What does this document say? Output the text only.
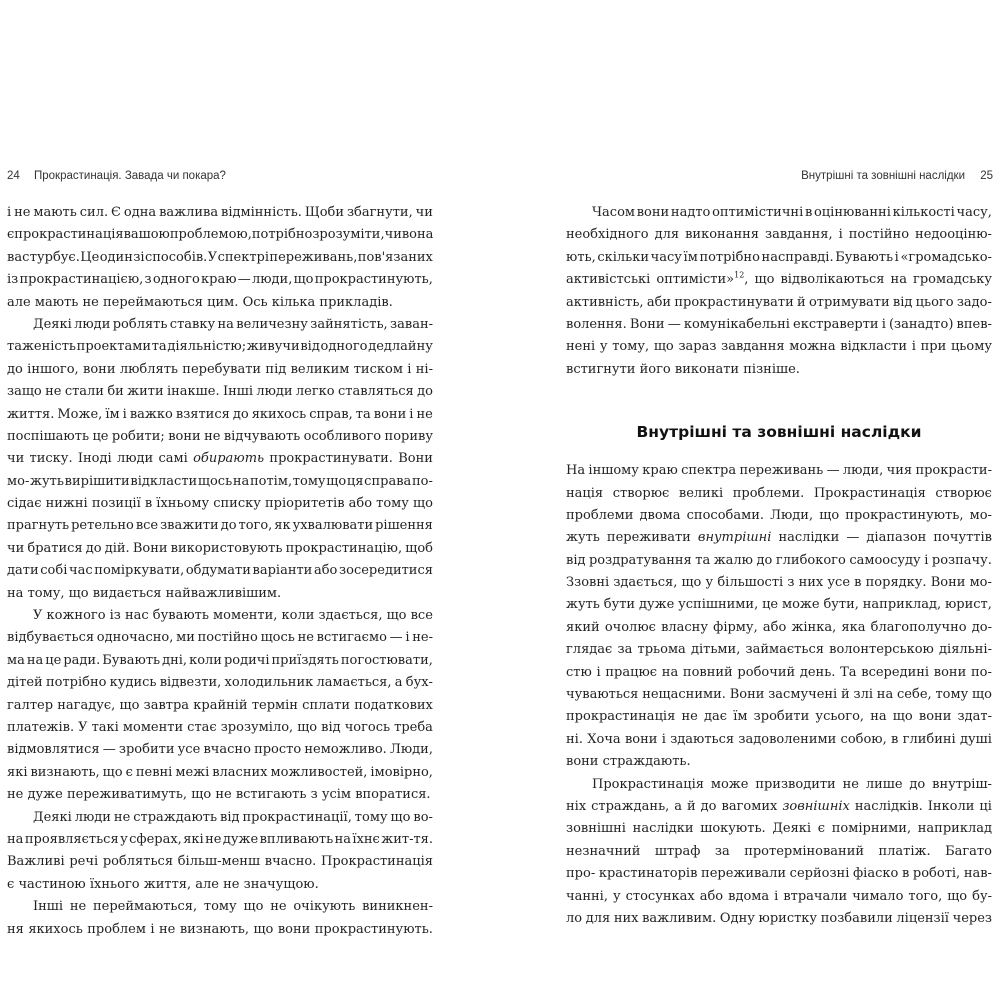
24 Прокрастинація. Завада чи покара?	Внутрішні та зовнішні наслідки 25
і не мають сил. Є одна важлива відмінність. Щоби збагнути, чи
є прокрастинація вашою проблемою, потрібно зрозуміти, чи вона
вас турбує. Це один зі способів. У спектрі переживань, пов'язаних
із прокрастинацією, з одного краю — люди, що прокрастинують,
але мають не переймаються цим. Ось кілька прикладів.
Деякі люди роблять ставку на величезну зайнятість, заван-
таженість проектами та діяльністю; живучи від одного дедлайну
до іншого, вони люблять перебувати під великим тиском і ні-
защо не стали би жити інакше. Інші люди легко ставляться до
життя. Може, їм і важко взятися до якихось справ, та вони і не
поспішають це робити; вони не відчувають особливого пориву
чи тиску. Іноді люди самі обирають прокрастинувати. Вони
мо- жуть вирішити відкласти щось на потім, тому що ця справа по-
сідає нижні позиції в їхньому списку пріоритетів або тому що
прагнуть ретельно все зважити до того, як ухвалювати рішення
чи братися до дій. Вони використовують прокрастинацію, щоб
дати собі час поміркувати, обдумати варіанти або зосередитися
на тому, що видається найважливішим.
У кожного із нас бувають моменти, коли здається, що все
відбувається одночасно, ми постійно щось не встигаємо — і не-
ма на це ради. Бувають дні, коли родичі приїздять погостювати,
дітей потрібно кудись відвезти, холодильник ламається, а бух-
галтер нагадує, що завтра крайній термін сплати податкових
платежів. У такі моменти стає зрозуміло, що від чогось треба
відмовлятися — зробити усе вчасно просто неможливо. Люди,
які визнають, що є певні межі власних можливостей, імовірно,
не дуже переживатимуть, що не встигають з усім впоратися.
Деякі люди не страждають від прокрастинації, тому що во-
на проявляється у сферах, які не дуже впливають на їхнє жит-тя.
Важливі речі робляться більш-менш вчасно. Прокрастинація
є частиною їхнього життя, але не значущою.
Інші не переймаються, тому що не очікують виникнен-
ня якихось проблем і не визнають, що вони прокрастинують.
Часом вони надто оптимістичні в оцінюванні кількості часу,
необхідного для виконання завдання, і постійно недооціню-
ють, скільки часу їм потрібно насправді. Бувають і «громадсько-
активістські оптимісти»$^{12}$, що відволікаються на громадську
активність, аби прокрастинувати й отримувати від цього задо-
волення. Вони — комунікабельні екстраверти і (занадто) впев-
нені у тому, що зараз завдання можна відкласти і при цьому
встигнути його виконати пізніше.
Внутрішні та зовнішні наслідки
На іншому краю спектра переживань — люди, чия прокрасти-
нація створює великі проблеми. Прокрастинація створює
проблеми двома способами. Люди, що прокрастинують, мо-
жуть переживати внутрішні наслідки — діапазон почуттів
від роздратування та жалю до глибокого самоосуду і розпачу.
Ззовні здається, що у більшості з них усе в порядку. Вони мо-
жуть бути дуже успішними, це може бути, наприклад, юрист,
який очолює власну фірму, або жінка, яка благополучно до-
глядає за трьома дітьми, займається волонтерською діяльні-
стю і працює на повний робочий день. Та всередині вони по-
чуваються нещасними. Вони засмучені й злі на себе, тому що
прокрастинація не дає їм зробити усього, на що вони здат-
ні. Хоча вони і здаються задоволеними собою, в глибині душі
вони страждають.
Прокрастинація може призводити не лише до внутріш-
ніх страждань, а й до вагомих зовнішніх наслідків. Інколи ці
зовнішні наслідки шокують. Деякі є помірними, наприклад
незначний штраф за протермінований платіж. Багато
про- крастинаторів переживали серйозні фіаско в роботі, нав-
чанні, у стосунках або вдома і втрачали чимало того, що бу-
ло для них важливим. Одну юристку позбавили ліцензії через
